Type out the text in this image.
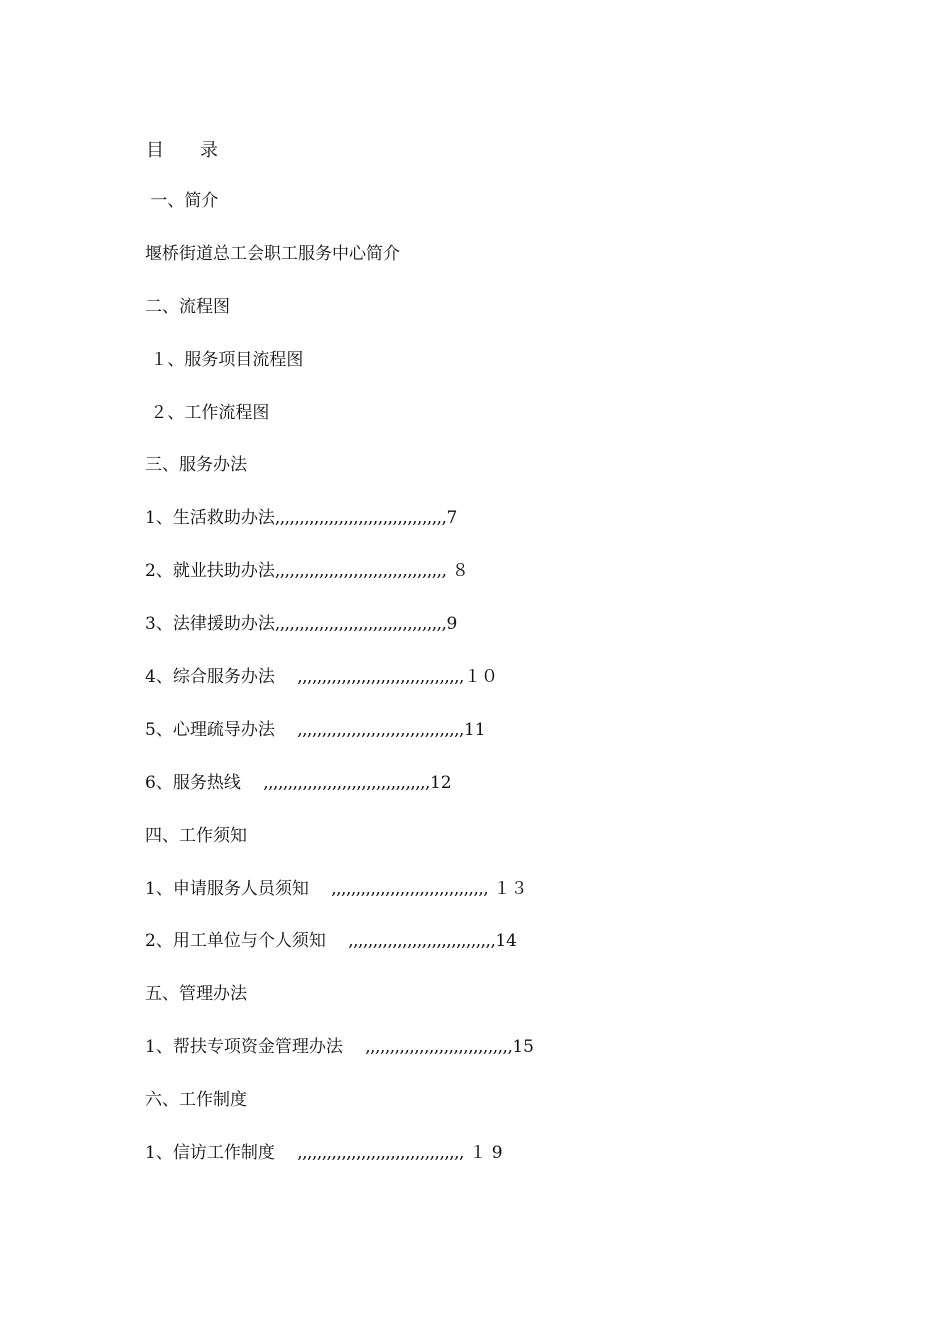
目　　录
一、简介
堰桥街道总工会职工服务中心简介
二、流程图
１、服务项目流程图
２、工作流程图
三、服务办法
1、生活救助办法,,,,,,,,,,,,,,,,,,,,,,,,,,,,,,,,,,,7
2、就业扶助办法,,,,,,,,,,,,,,,,,,,,,,,,,,,,,,,,,,, ８
3、法律援助办法,,,,,,,,,,,,,,,,,,,,,,,,,,,,,,,,,,,9
4、综合服务办法　 ,,,,,,,,,,,,,,,,,,,,,,,,,,,,,,,,,,１０
5、心理疏导办法　 ,,,,,,,,,,,,,,,,,,,,,,,,,,,,,,,,,,11
6、服务热线　 ,,,,,,,,,,,,,,,,,,,,,,,,,,,,,,,,,,12
四、工作须知
1、申请服务人员须知　 ,,,,,,,,,,,,,,,,,,,,,,,,,,,,,,,, １３
2、用工单位与个人须知　 ,,,,,,,,,,,,,,,,,,,,,,,,,,,,,,14
五、管理办法
1、帮扶专项资金管理办法　 ,,,,,,,,,,,,,,,,,,,,,,,,,,,,,,15
六、工作制度
1、信访工作制度　 ,,,,,,,,,,,,,,,,,,,,,,,,,,,,,,,,,, １ 9
